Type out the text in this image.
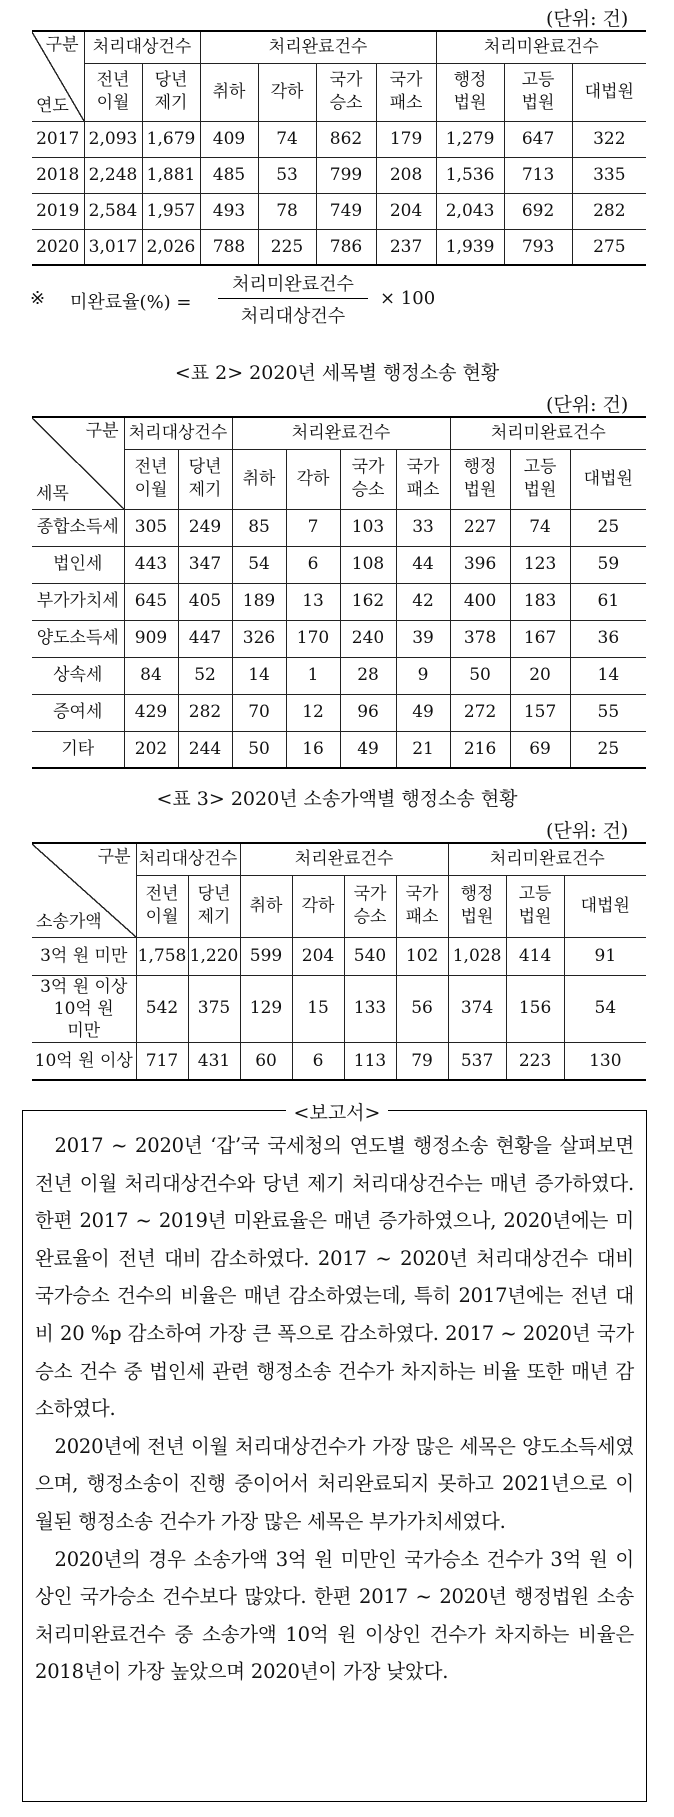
(단위: 건)
구분
연도	처리대상건수		처리완료건수				처리미완료건수		
	전년 이월	당년 제기	취하	각하	국가 승소	국가 패소	행정 법원	고등 법원	대법원
2017	2,093	1,679	409	74	862	179	1,279	647	322
2018	2,248	1,881	485	53	799	208	1,536	713	335
2019	2,584	1,957	493	78	749	204	2,043	692	282
2020	3,017	2,026	788	225	786	237	1,939	793	275
※ 미완료율(%) =
처리미완료건수
처리대상건수
× 100
<표 2> 2020년 세목별 행정소송 현황
(단위: 건)
구분
세목	처리대상건수		처리완료건수				처리미완료건수		
	전년 이월	당년 제기	취하	각하	국가 승소	국가 패소	행정 법원	고등 법원	대법원
종합소득세	305	249	85	7	103	33	227	74	25
법인세	443	347	54	6	108	44	396	123	59
부가가치세	645	405	189	13	162	42	400	183	61
양도소득세	909	447	326	170	240	39	378	167	36
상속세	84	52	14	1	28	9	50	20	14
증여세	429	282	70	12	96	49	272	157	55
기타	202	244	50	16	49	21	216	69	25
<표 3> 2020년 소송가액별 행정소송 현황
(단위: 건)
구분
소송가액	처리대상건수		처리완료건수				처리미완료건수		
	전년 이월	당년 제기	취하	각하	국가 승소	국가 패소	행정 법원	고등 법원	대법원
3억 원 미만	1,758	1,220	599	204	540	102	1,028	414	91
3억 원 이상 10억 원 미만	542	375	129	15	133	56	374	156	54
10억 원 이상	717	431	60	6	113	79	537	223	130

2017 ~ 2020년 ‘갑’국 국세청의 연도별 행정소송 현황을 살펴보면 전년 이월 처리대상건수와 당년 제기 처리대상건수는 매년 증가하였다. 한편 2017 ~ 2019년 미완료율은 매년 증가하였으나, 2020년에는 미완료율이 전년 대비 감소하였다. 2017 ~ 2020년 처리대상건수 대비 국가승소 건수의 비율은 매년 감소하였는데, 특히 2017년에는 전년 대비 20 %p 감소하여 가장 큰 폭으로 감소하였다. 2017 ~ 2020년 국가승소 건수 중 법인세 관련 행정소송 건수가 차지하는 비율 또한 매년 감소하였다.

2020년에 전년 이월 처리대상건수가 가장 많은 세목은 양도소득세였으며, 행정소송이 진행 중이어서 처리완료되지 못하고 2021년으로 이월된 행정소송 건수가 가장 많은 세목은 부가가치세였다.

2020년의 경우 소송가액 3억 원 미만인 국가승소 건수가 3억 원 이상인 국가승소 건수보다 많았다. 한편 2017 ~ 2020년 행정법원 소송 처리미완료건수 중 소송가액 10억 원 이상인 건수가 차지하는 비율은 2018년이 가장 높았으며 2020년이 가장 낮았다.

<보고서>
